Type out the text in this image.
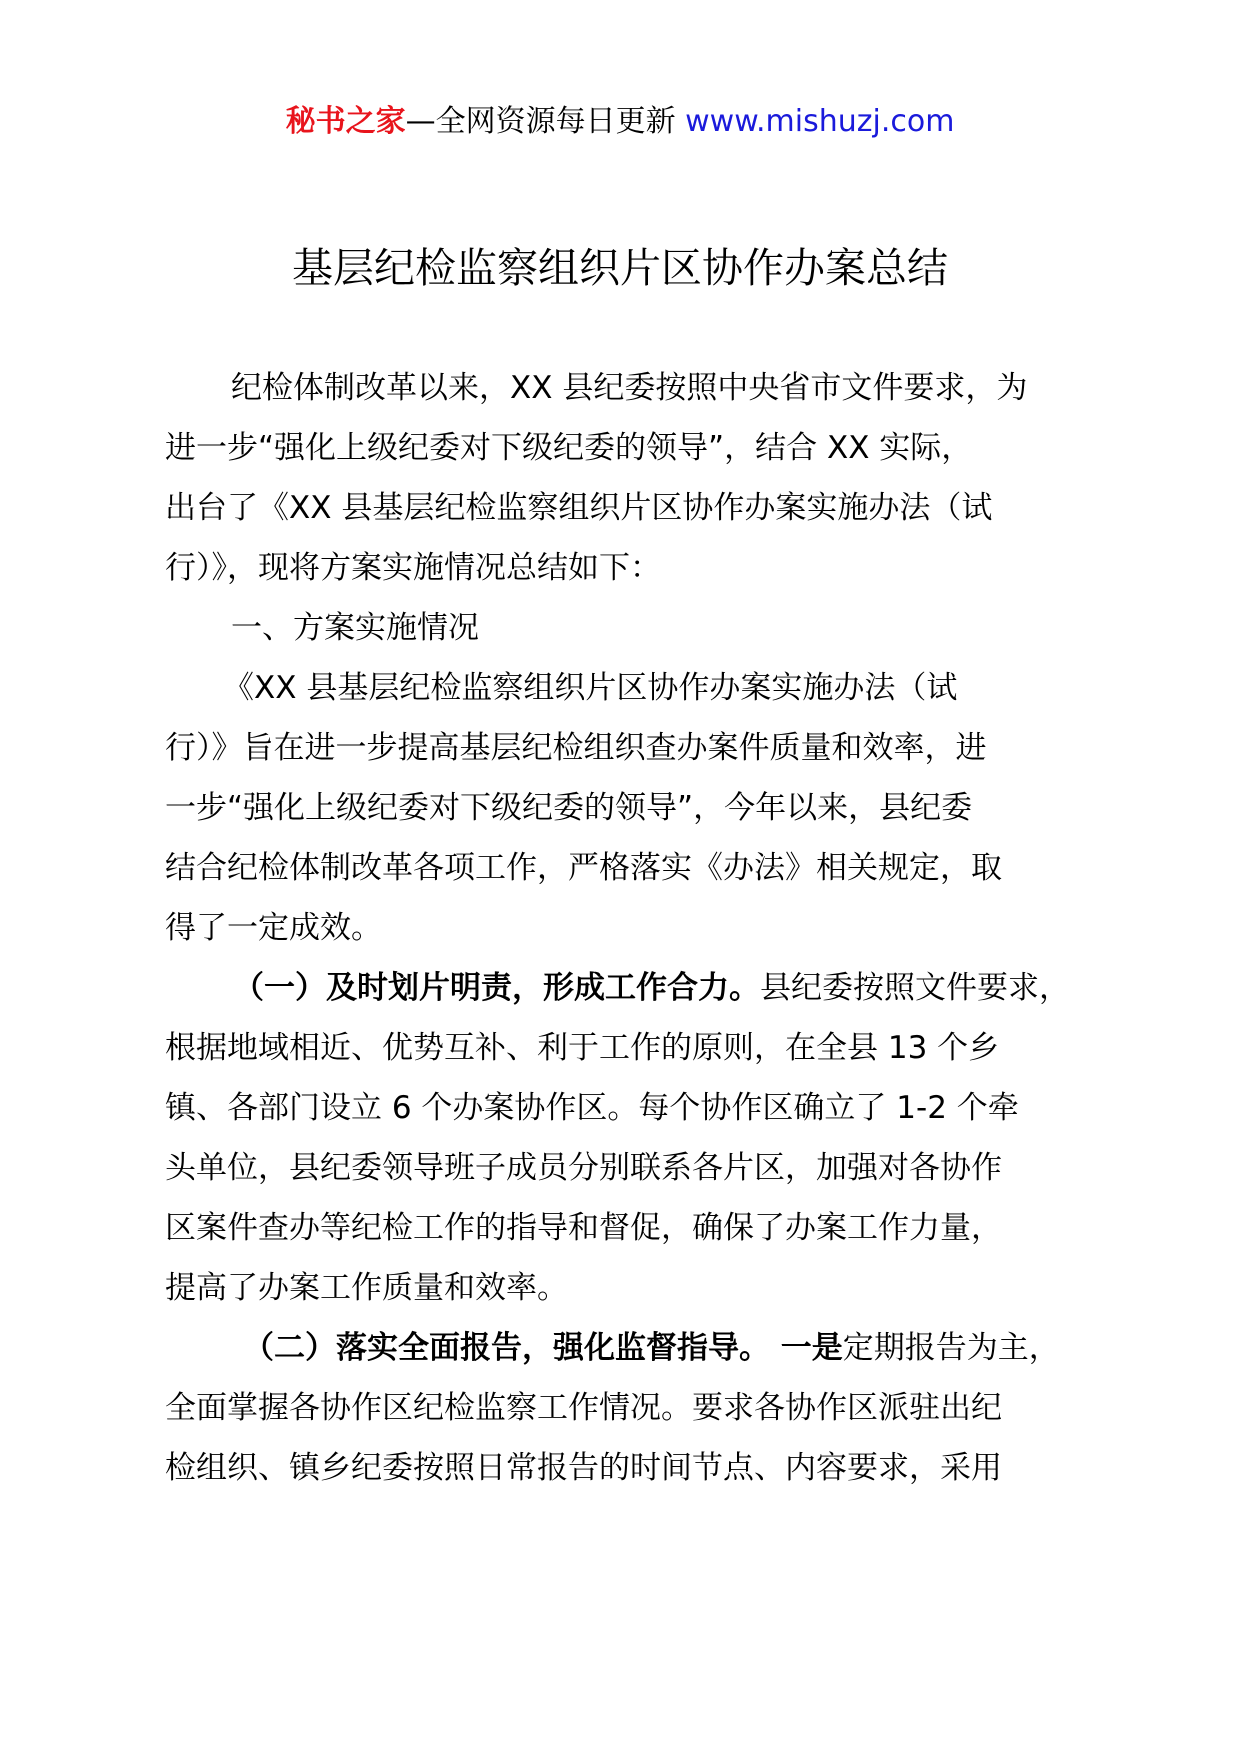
秘书之家—全网资源每日更新 www.mishuzj.com
基层纪检监察组织片区协作办案总结
纪检体制改革以来，XX 县纪委按照中央省市文件要求，为
进一步“强化上级纪委对下级纪委的领导”，结合 XX 实际，
出台了《XX 县基层纪检监察组织片区协作办案实施办法（试
行）》，现将方案实施情况总结如下：
一、方案实施情况
《XX 县基层纪检监察组织片区协作办案实施办法（试
行）》旨在进一步提高基层纪检组织查办案件质量和效率，进
一步“强化上级纪委对下级纪委的领导”，今年以来，县纪委
结合纪检体制改革各项工作，严格落实《办法》相关规定，取
得了一定成效。
（一）及时划片明责，形成工作合力。县纪委按照文件要求，
根据地域相近、优势互补、利于工作的原则，在全县 13 个乡
镇、各部门设立 6 个办案协作区。每个协作区确立了 1-2 个牵
头单位，县纪委领导班子成员分别联系各片区，加强对各协作
区案件查办等纪检工作的指导和督促，确保了办案工作力量，
提高了办案工作质量和效率。
（二）落实全面报告，强化监督指导。 一是定期报告为主，
全面掌握各协作区纪检监察工作情况。要求各协作区派驻出纪
检组织、镇乡纪委按照日常报告的时间节点、内容要求，采用
